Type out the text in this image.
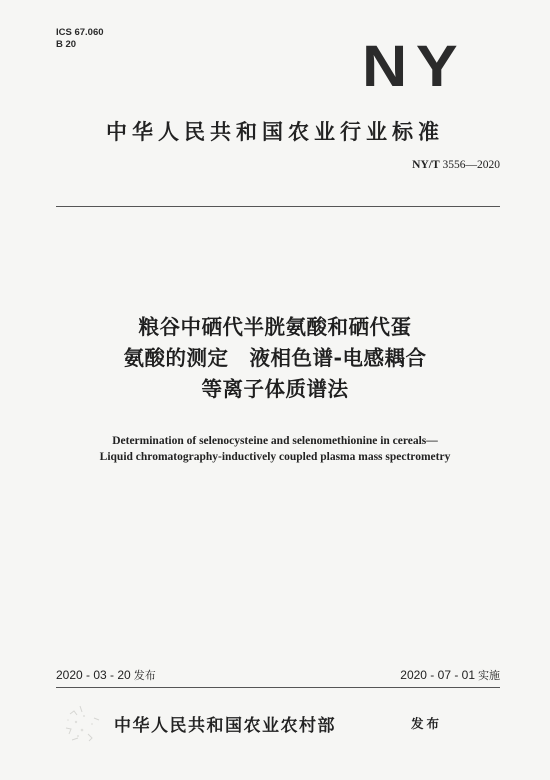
ICS 67.060
B 20	NY
中华人民共和国农业行业标准
NY/T 3556—2020
粮谷中硒代半胱氨酸和硒代蛋
氨酸的测定　液相色谱-电感耦合
等离子体质谱法
Determination of selenocysteine and selenomethionine in cereals—
Liquid chromatography-inductively coupled plasma mass spectrometry
2020 - 03 - 20 发布	2020 - 07 - 01 实施
中华人民共和国农业农村部	发布
